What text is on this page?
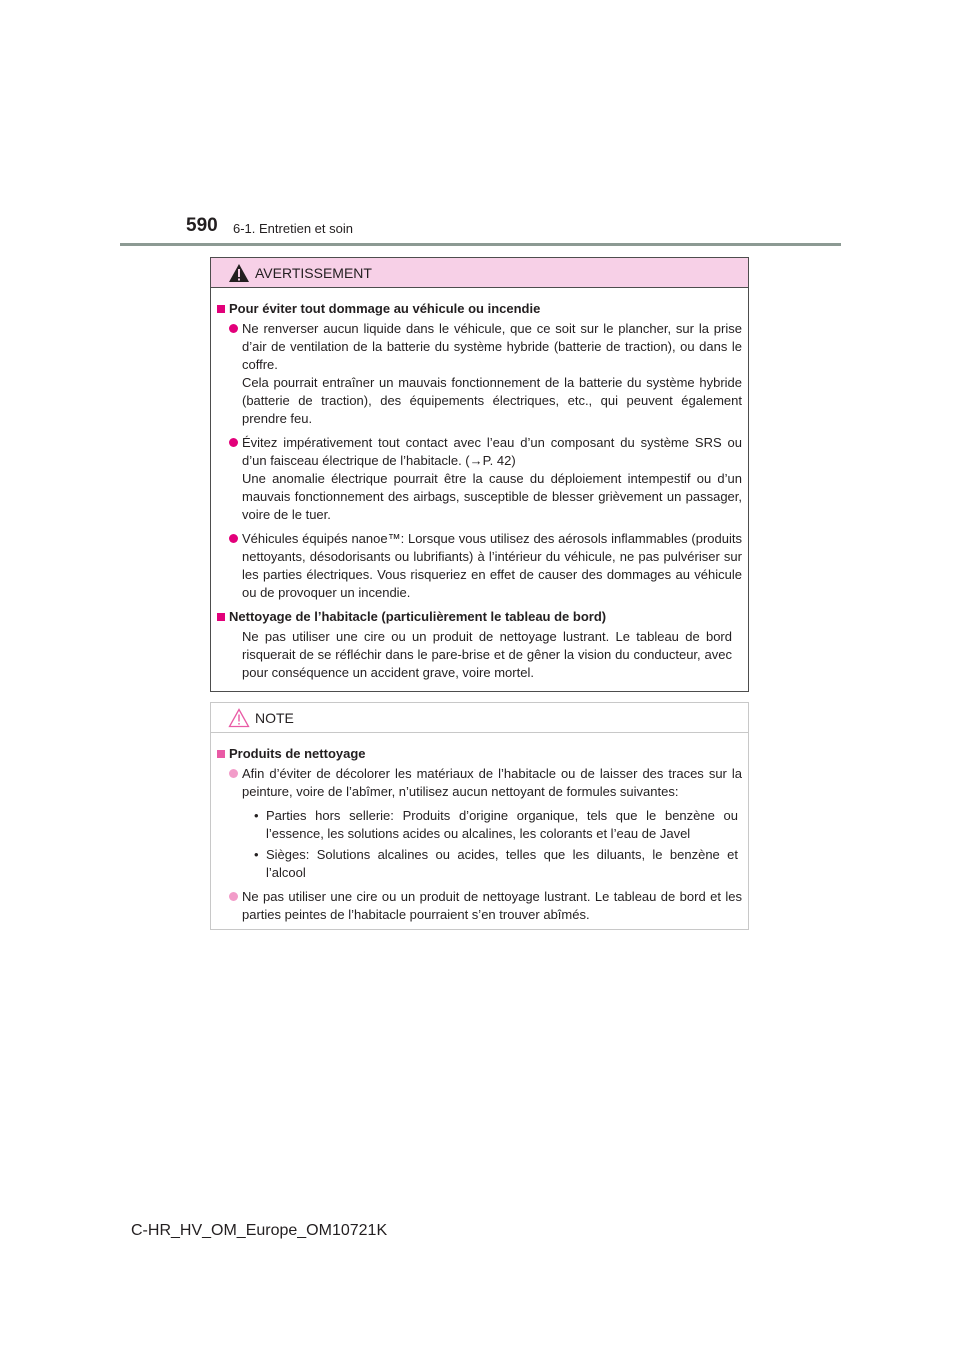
590 6-1. Entretien et soin
AVERTISSEMENT
Pour éviter tout dommage au véhicule ou incendie

Ne renverser aucun liquide dans le véhicule, que ce soit sur le plancher, sur la prise d’air de ventilation de la batterie du système hybride (batterie de traction), ou dans le coffre.

Cela pourrait entraîner un mauvais fonctionnement de la batterie du système hybride (batterie de traction), des équipements électriques, etc., qui peuvent également prendre feu.

Évitez impérativement tout contact avec l’eau d’un composant du système SRS ou d’un faisceau électrique de l’habitacle. (→P. 42)

Une anomalie électrique pourrait être la cause du déploiement intempestif ou d’un mauvais fonctionnement des airbags, susceptible de blesser grièvement un passager, voire de le tuer.

Véhicules équipés nanoe™: Lorsque vous utilisez des aérosols inflammables (produits nettoyants, désodorisants ou lubrifiants) à l’intérieur du véhicule, ne pas pulvériser sur les parties électriques. Vous risqueriez en effet de causer des dommages au véhicule ou de provoquer un incendie.

Nettoyage de l’habitacle (particulièrement le tableau de bord)
Ne pas utiliser une cire ou un produit de nettoyage lustrant. Le tableau de bord risquerait de se réfléchir dans le pare-brise et de gêner la vision du conducteur, avec pour conséquence un accident grave, voire mortel.
NOTE
Produits de nettoyage

Afin d’éviter de décolorer les matériaux de l’habitacle ou de laisser des traces sur la peinture, voire de l’abîmer, n’utilisez aucun nettoyant de formules suivantes:

• Parties hors sellerie: Produits d’origine organique, tels que le benzène ou l’essence, les solutions acides ou alcalines, les colorants et l’eau de Javel
• Sièges: Solutions alcalines ou acides, telles que les diluants, le benzène et l’alcool

Ne pas utiliser une cire ou un produit de nettoyage lustrant. Le tableau de bord et les parties peintes de l’habitacle pourraient s’en trouver abîmés.

C-HR_HV_OM_Europe_OM10721K
